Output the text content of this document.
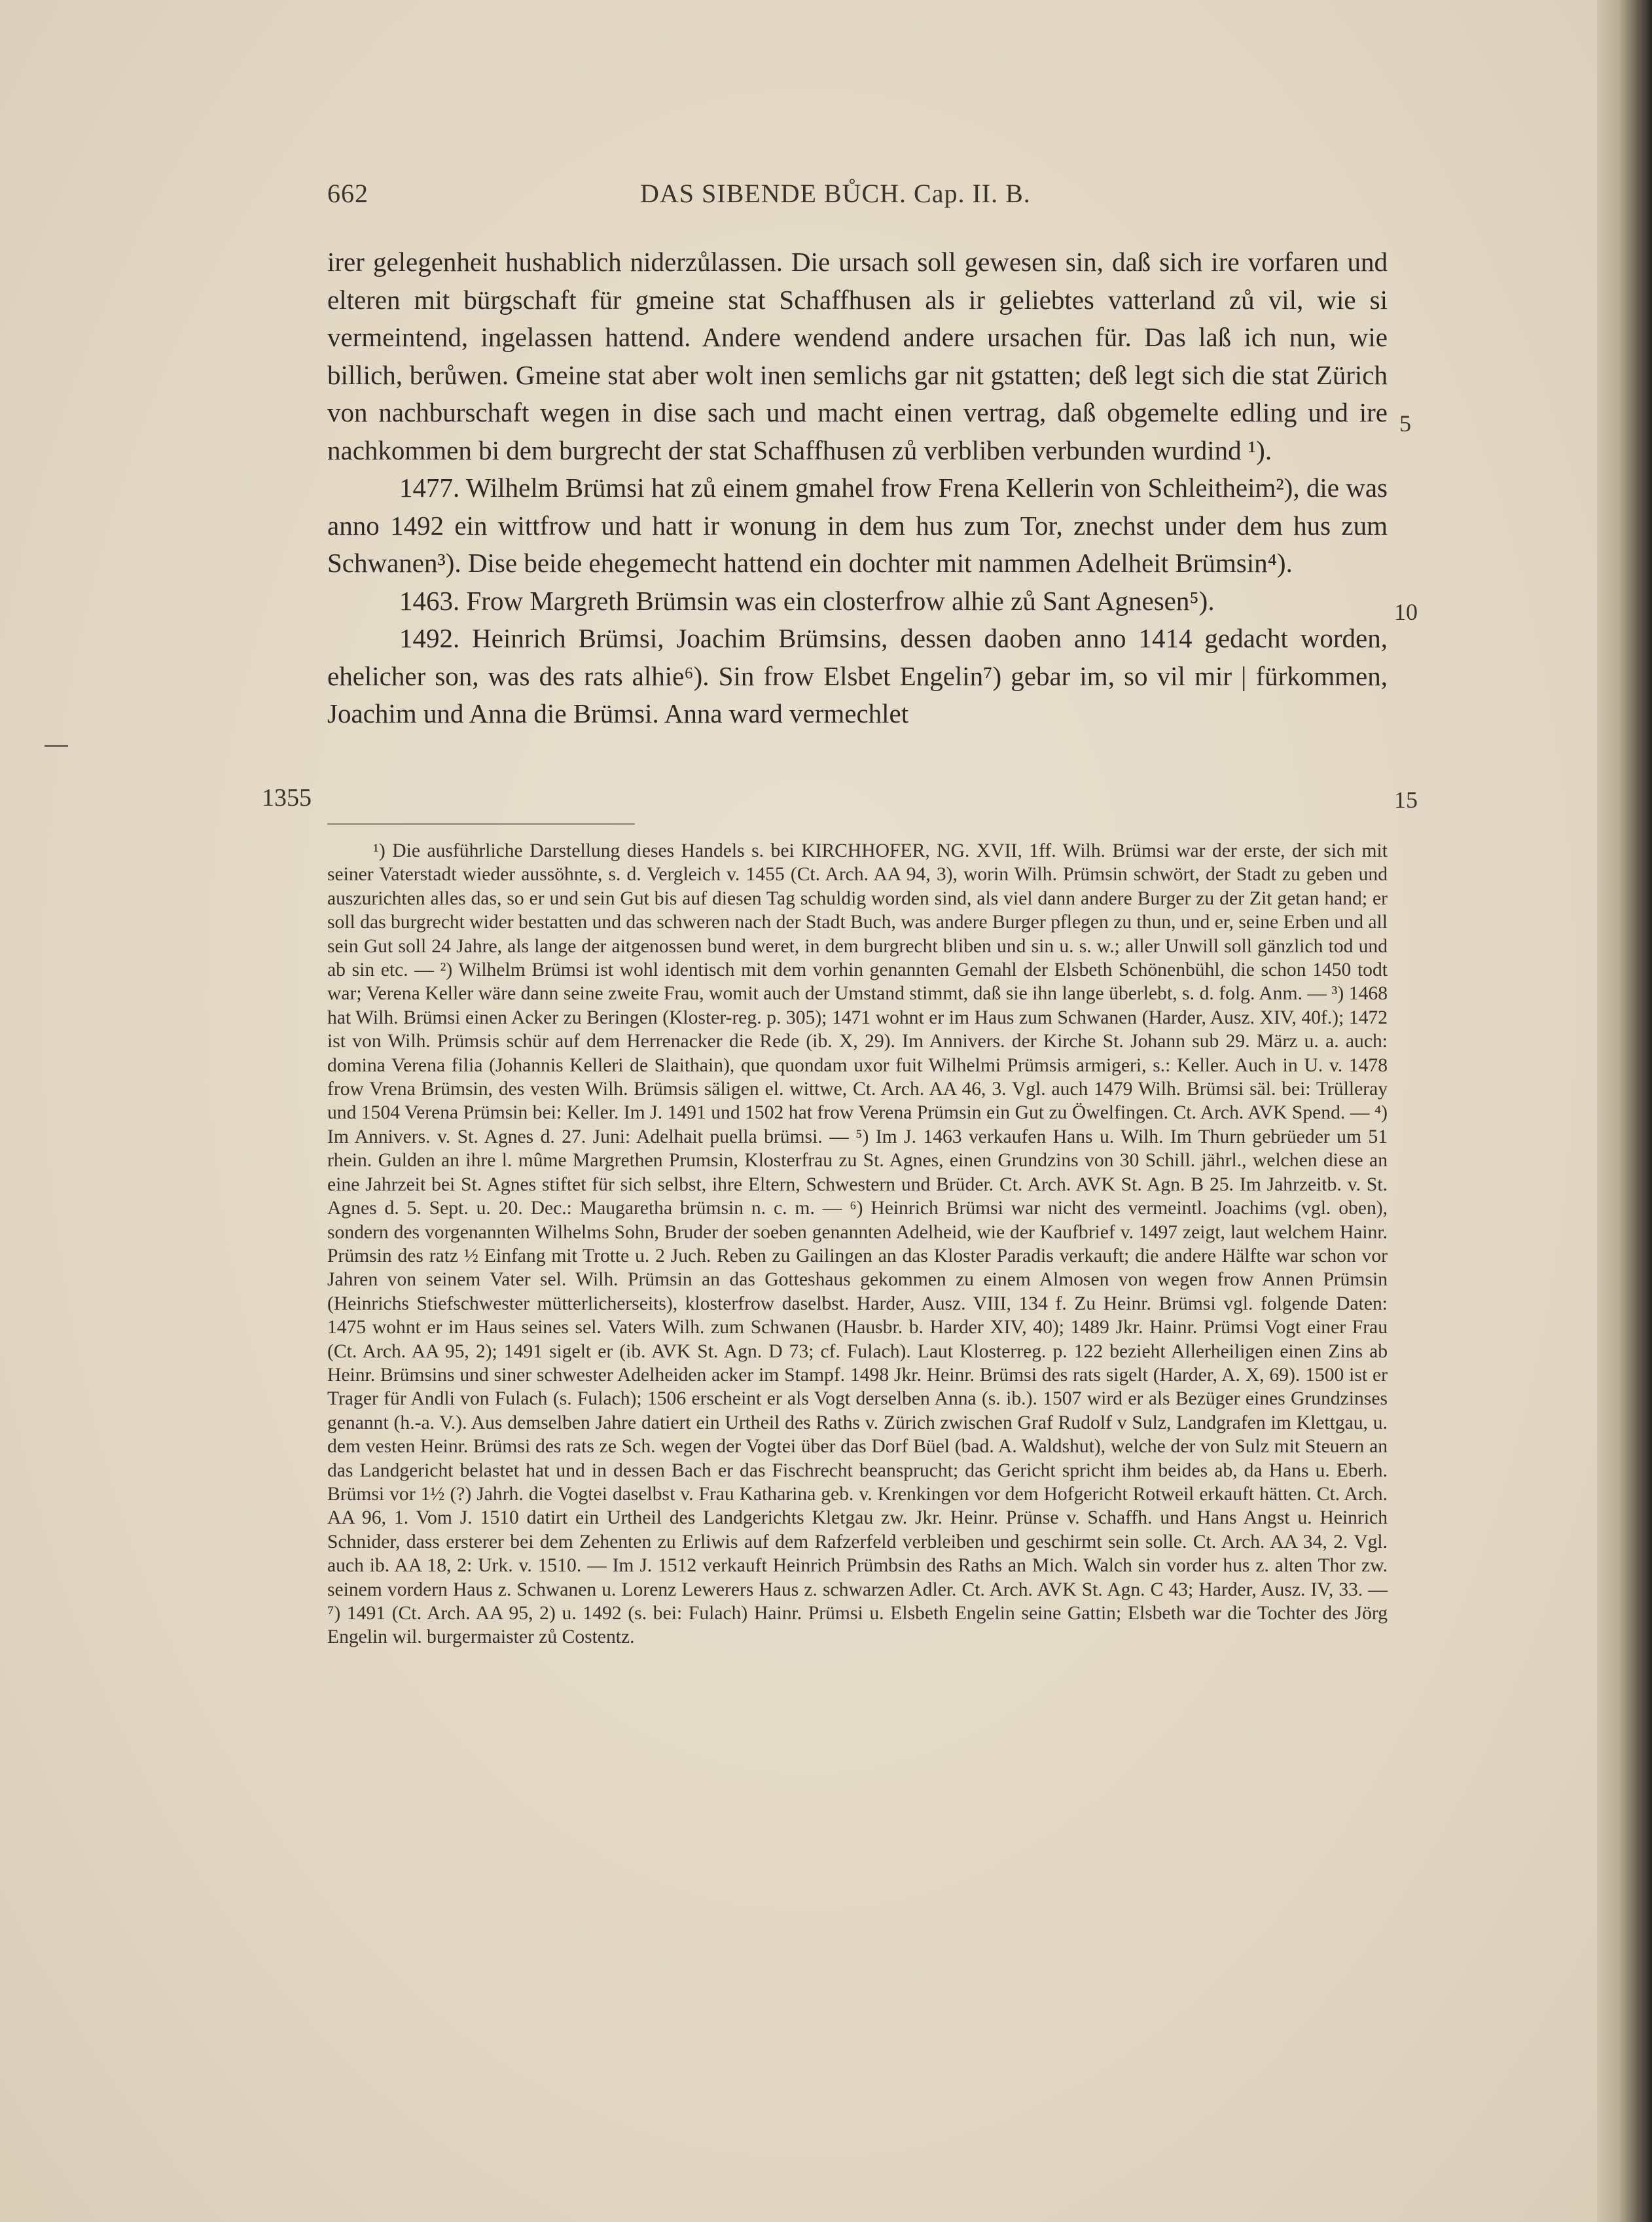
662	DAS SIBENDE BŮCH. Cap. II. B.

irer gelegenheit hushablich niderzůlassen. Die ursach soll gewesen sin, daß sich ire vorfaren und elteren mit bürgschaft für gmeine stat Schaffhusen als ir geliebtes vatterland zů vil, wie si vermeintend, ingelassen hattend. Andere wendend andere ursachen für. Das laß ich nun, wie billich, berůwen. Gmeine stat aber wolt inen semlichs gar nit gstatten; deß legt sich die stat Zürich von nachburschaft wegen in dise sach und macht einen vertrag, daß obgemelte edling und ire nachkommen bi dem burgrecht der stat Schaffhusen zů verbliben verbunden wurdind ¹).

1477. Wilhelm Brümsi hat zů einem gmahel frow Frena Kellerin von Schleitheim²), die was anno 1492 ein wittfrow und hatt ir wonung in dem hus zum Tor, znechst under dem hus zum Schwanen³). Dise beide ehegemecht hattend ein dochter mit nammen Adelheit Brümsin⁴).

1463. Frow Margreth Brümsin was ein closterfrow alhie zů Sant Agnesen⁵).

1492. Heinrich Brümsi, Joachim Brümsins, dessen daoben anno 1414 gedacht worden, ehelicher son, was des rats alhie⁶). Sin frow Elsbet Engelin⁷) gebar im, so vil mir | fürkommen, Joachim und Anna die Brümsi. Anna ward vermechlet

5
10
15
1355

¹) Die ausführliche Darstellung dieses Handels s. bei KIRCHHOFER, NG. XVII, 1ff. Wilh. Brümsi war der erste, der sich mit seiner Vaterstadt wieder aussöhnte, s. d. Vergleich v. 1455 (Ct. Arch. AA 94, 3), worin Wilh. Prümsin schwört, der Stadt zu geben und auszurichten alles das, so er und sein Gut bis auf diesen Tag schuldig worden sind, als viel dann andere Burger zu der Zit getan hand; er soll das burgrecht wider bestatten und das schweren nach der Stadt Buch, was andere Burger pflegen zu thun, und er, seine Erben und all sein Gut soll 24 Jahre, als lange der aitgenossen bund weret, in dem burgrecht bliben und sin u. s. w.; aller Unwill soll gänzlich tod und ab sin etc. — ²) Wilhelm Brümsi ist wohl identisch mit dem vorhin genannten Gemahl der Elsbeth Schönenbühl, die schon 1450 todt war; Verena Keller wäre dann seine zweite Frau, womit auch der Umstand stimmt, daß sie ihn lange überlebt, s. d. folg. Anm. — ³) 1468 hat Wilh. Brümsi einen Acker zu Beringen (Kloster-reg. p. 305); 1471 wohnt er im Haus zum Schwanen (Harder, Ausz. XIV, 40f.); 1472 ist von Wilh. Prümsis schür auf dem Herrenacker die Rede (ib. X, 29). Im Annivers. der Kirche St. Johann sub 29. März u. a. auch: domina Verena filia (Johannis Kelleri de Slaithain), que quondam uxor fuit Wilhelmi Prümsis armigeri, s.: Keller. Auch in U. v. 1478 frow Vrena Brümsin, des vesten Wilh. Brümsis säligen el. wittwe, Ct. Arch. AA 46, 3. Vgl. auch 1479 Wilh. Brümsi säl. bei: Trülleray und 1504 Verena Prümsin bei: Keller. Im J. 1491 und 1502 hat frow Verena Prümsin ein Gut zu Öwelfingen. Ct. Arch. AVK Spend. — ⁴) Im Annivers. v. St. Agnes d. 27. Juni: Adelhait puella brümsi. — ⁵) Im J. 1463 verkaufen Hans u. Wilh. Im Thurn gebrüeder um 51 rhein. Gulden an ihre l. mûme Margrethen Prumsin, Klosterfrau zu St. Agnes, einen Grundzins von 30 Schill. jährl., welchen diese an eine Jahrzeit bei St. Agnes stiftet für sich selbst, ihre Eltern, Schwestern und Brüder. Ct. Arch. AVK St. Agn. B 25. Im Jahrzeitb. v. St. Agnes d. 5. Sept. u. 20. Dec.: Maugaretha brümsin n. c. m. — ⁶) Heinrich Brümsi war nicht des vermeintl. Joachims (vgl. oben), sondern des vorgenannten Wilhelms Sohn, Bruder der soeben genannten Adelheid, wie der Kaufbrief v. 1497 zeigt, laut welchem Hainr. Prümsin des ratz ½ Einfang mit Trotte u. 2 Juch. Reben zu Gailingen an das Kloster Paradis verkauft; die andere Hälfte war schon vor Jahren von seinem Vater sel. Wilh. Prümsin an das Gotteshaus gekommen zu einem Almosen von wegen frow Annen Prümsin (Heinrichs Stiefschwester mütterlicherseits), klosterfrow daselbst. Harder, Ausz. VIII, 134 f. Zu Heinr. Brümsi vgl. folgende Daten: 1475 wohnt er im Haus seines sel. Vaters Wilh. zum Schwanen (Hausbr. b. Harder XIV, 40); 1489 Jkr. Hainr. Prümsi Vogt einer Frau (Ct. Arch. AA 95, 2); 1491 sigelt er (ib. AVK St. Agn. D 73; cf. Fulach). Laut Klosterreg. p. 122 bezieht Allerheiligen einen Zins ab Heinr. Brümsins und siner schwester Adelheiden acker im Stampf. 1498 Jkr. Heinr. Brümsi des rats sigelt (Harder, A. X, 69). 1500 ist er Trager für Andli von Fulach (s. Fulach); 1506 erscheint er als Vogt derselben Anna (s. ib.). 1507 wird er als Bezüger eines Grundzinses genannt (h.-a. V.). Aus demselben Jahre datiert ein Urtheil des Raths v. Zürich zwischen Graf Rudolf v Sulz, Landgrafen im Klettgau, u. dem vesten Heinr. Brümsi des rats ze Sch. wegen der Vogtei über das Dorf Büel (bad. A. Waldshut), welche der von Sulz mit Steuern an das Landgericht belastet hat und in dessen Bach er das Fischrecht beansprucht; das Gericht spricht ihm beides ab, da Hans u. Eberh. Brümsi vor 1½ (?) Jahrh. die Vogtei daselbst v. Frau Katharina geb. v. Krenkingen vor dem Hofgericht Rotweil erkauft hätten. Ct. Arch. AA 96, 1. Vom J. 1510 datirt ein Urtheil des Landgerichts Kletgau zw. Jkr. Heinr. Prünse v. Schaffh. und Hans Angst u. Heinrich Schnider, dass ersterer bei dem Zehenten zu Erliwis auf dem Rafzerfeld verbleiben und geschirmt sein solle. Ct. Arch. AA 34, 2. Vgl. auch ib. AA 18, 2: Urk. v. 1510. — Im J. 1512 verkauft Heinrich Prümbsin des Raths an Mich. Walch sin vorder hus z. alten Thor zw. seinem vordern Haus z. Schwanen u. Lorenz Lewerers Haus z. schwarzen Adler. Ct. Arch. AVK St. Agn. C 43; Harder, Ausz. IV, 33. — ⁷) 1491 (Ct. Arch. AA 95, 2) u. 1492 (s. bei: Fulach) Hainr. Prümsi u. Elsbeth Engelin seine Gattin; Elsbeth war die Tochter des Jörg Engelin wil. burgermaister zů Costentz.
